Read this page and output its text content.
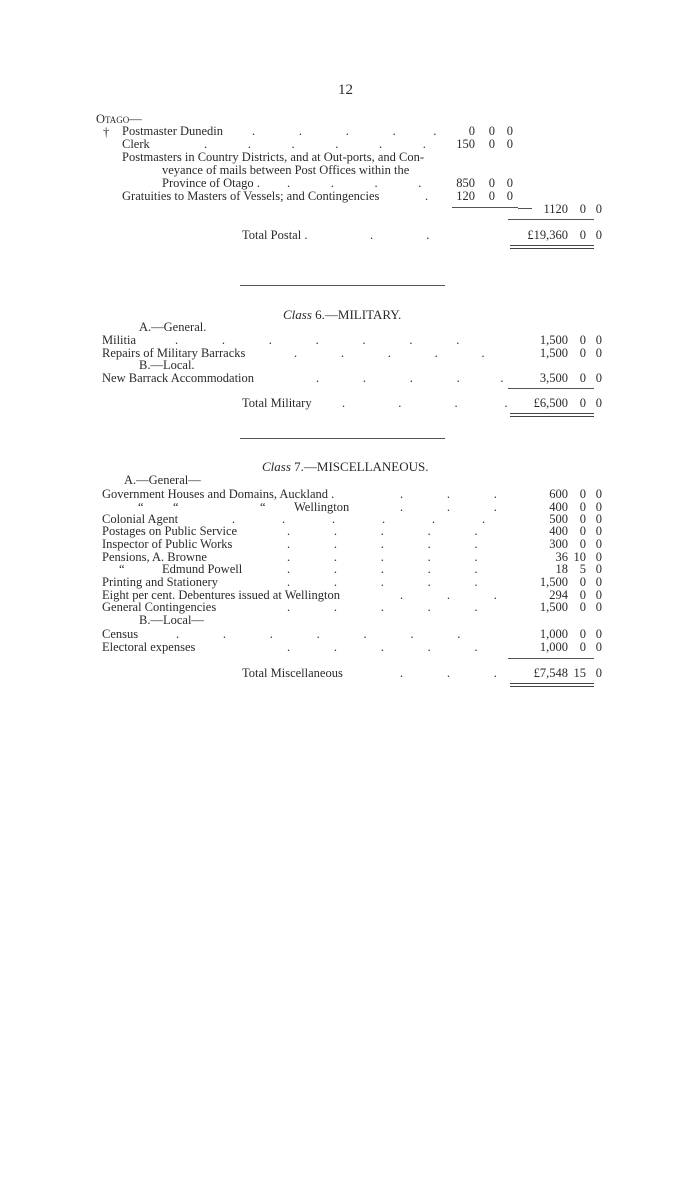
12
Otago—
† Postmaster Dunedin .              .              .              .            .	0 0 0
Clerk	.             .             .             .             .             . 150 0 0
Postmasters in Country Districts, and at Out-ports, and Con-
veyance of mails between Post Offices within the
Province of Otago . .             .             .             .	850 0 0
Gratuities to Masters of Vessels; and Contingencies	. 120 0 0
1120 0 0
Total Postal .	.                 .	£19,360 0 0
Class 6.—MILITARY.
A.—General.
Militia	.              .              .              .              .              .              .	1,500 0 0
Repairs of Military Barracks	.              .              .              .              .	1,500 0 0
B.—Local.
New Barrack Accommodation	.              .              .              .             .	3,500 0 0
Total Military .                 .                 .               . £6,500 0 0
Class 7.—MISCELLANEOUS.
A.—General—
Government Houses and Domains, Auckland .	.              .              .	600 0 0
“ “	“ Wellington	.              .              .	400 0 0
Colonial Agent	.               .               .               .               .               .	500 0 0
Postages on Public Service	.              .              .              .              .	400 0 0
Inspector of Public Works	.              .              .              .              .	300 0 0
Pensions, A. Browne	.              .              .              .              .	36 10 0
“	Edmund Powell	.              .              .              .              .	18 5 0
Printing and Stationery	.              .              .              .              .	1,500 0 0
Eight per cent. Debentures issued at Wellington	.              .              .	294 0 0
General Contingencies	.              .              .              .              .	1,500 0 0
B.—Local—
Census	.              .              .              .              .              .              .	1,000 0 0
Electoral expenses	.              .              .              .              .	1,000 0 0
Total Miscellaneous	.              .              .	£7,548 15 0
